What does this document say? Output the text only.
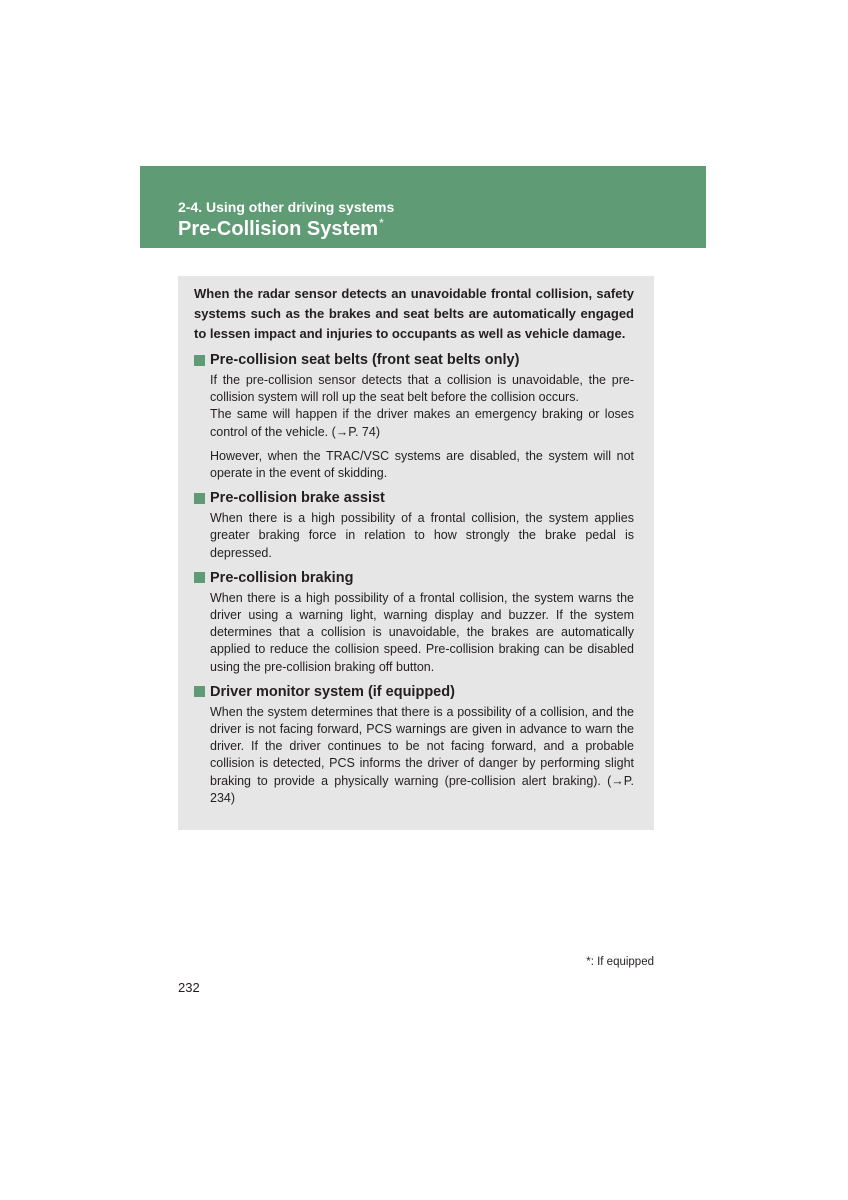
2-4. Using other driving systems
Pre-Collision System*

When the radar sensor detects an unavoidable frontal collision, safety systems such as the brakes and seat belts are automatically engaged to lessen impact and injuries to occupants as well as vehicle damage.

Pre-collision seat belts (front seat belts only)

If the pre-collision sensor detects that a collision is unavoidable, the pre-collision system will roll up the seat belt before the collision occurs.

The same will happen if the driver makes an emergency braking or loses control of the vehicle. (→P. 74)

However, when the TRAC/VSC systems are disabled, the system will not operate in the event of skidding.

Pre-collision brake assist

When there is a high possibility of a frontal collision, the system applies greater braking force in relation to how strongly the brake pedal is depressed.

Pre-collision braking

When there is a high possibility of a frontal collision, the system warns the driver using a warning light, warning display and buzzer. If the system determines that a collision is unavoidable, the brakes are automatically applied to reduce the collision speed. Pre-collision braking can be disabled using the pre-collision braking off button.

Driver monitor system (if equipped)

When the system determines that there is a possibility of a collision, and the driver is not facing forward, PCS warnings are given in advance to warn the driver. If the driver continues to be not facing forward, and a probable collision is detected, PCS informs the driver of danger by performing slight braking to provide a physically warning (pre-collision alert braking). (→P. 234)

*: If equipped
232
